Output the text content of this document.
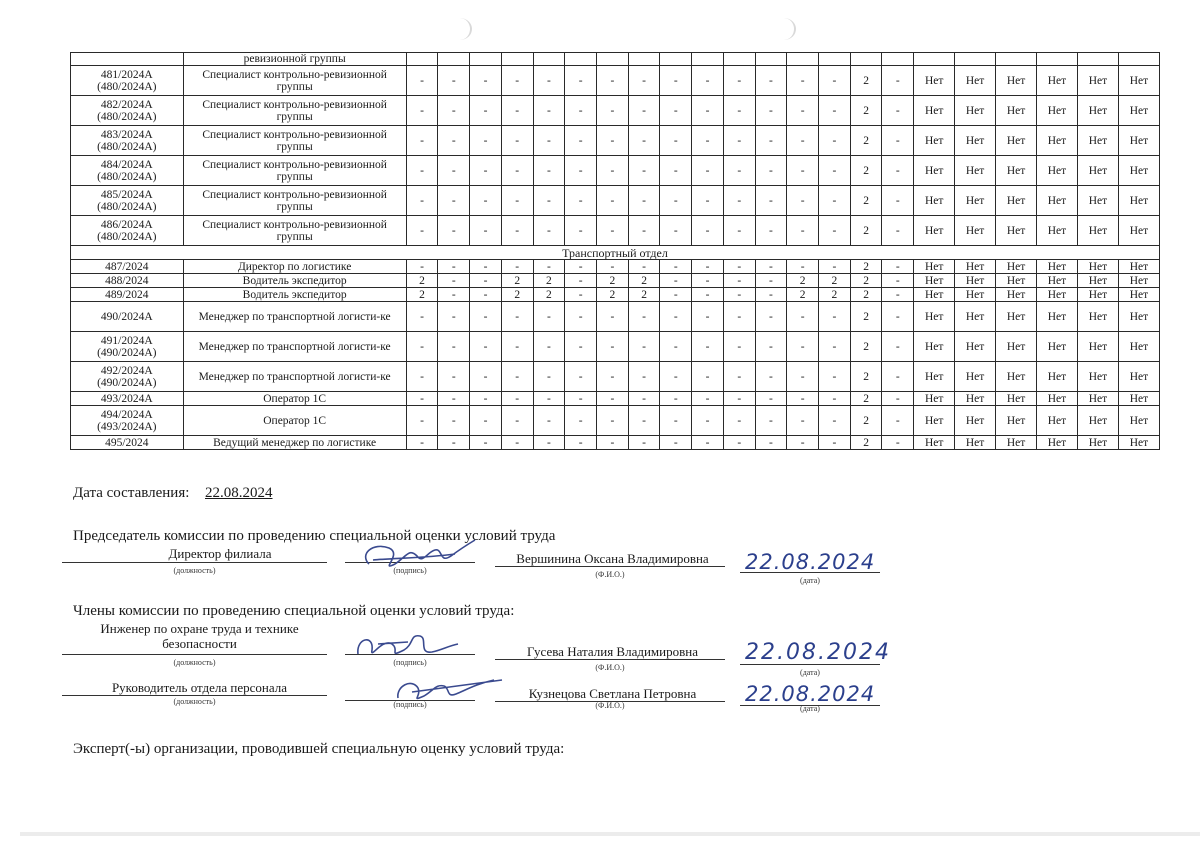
	ревизионной группы																						
481/2024А
(480/2024А)	Специалист контрольно-ревизионной группы	-	-	-	-	-	-	-	-	-	-	-	-	-	-	2	-	Нет	Нет	Нет	Нет	Нет	Нет
482/2024А
(480/2024А)	Специалист контрольно-ревизионной группы	-	-	-	-	-	-	-	-	-	-	-	-	-	-	2	-	Нет	Нет	Нет	Нет	Нет	Нет
483/2024А
(480/2024А)	Специалист контрольно-ревизионной группы	-	-	-	-	-	-	-	-	-	-	-	-	-	-	2	-	Нет	Нет	Нет	Нет	Нет	Нет
484/2024А
(480/2024А)	Специалист контрольно-ревизионной группы	-	-	-	-	-	-	-	-	-	-	-	-	-	-	2	-	Нет	Нет	Нет	Нет	Нет	Нет
485/2024А
(480/2024А)	Специалист контрольно-ревизионной группы	-	-	-	-	-	-	-	-	-	-	-	-	-	-	2	-	Нет	Нет	Нет	Нет	Нет	Нет
486/2024А
(480/2024А)	Специалист контрольно-ревизионной группы	-	-	-	-	-	-	-	-	-	-	-	-	-	-	2	-	Нет	Нет	Нет	Нет	Нет	Нет
Транспортный отдел																							
487/2024	Директор по логистике	-	-	-	-	-	-	-	-	-	-	-	-	-	-	2	-	Нет	Нет	Нет	Нет	Нет	Нет
488/2024	Водитель экспедитор	2	-	-	2	2	-	2	2	-	-	-	-	2	2	2	-	Нет	Нет	Нет	Нет	Нет	Нет
489/2024	Водитель экспедитор	2	-	-	2	2	-	2	2	-	-	-	-	2	2	2	-	Нет	Нет	Нет	Нет	Нет	Нет
490/2024А	Менеджер по транспортной логисти-ке	-	-	-	-	-	-	-	-	-	-	-	-	-	-	2	-	Нет	Нет	Нет	Нет	Нет	Нет
491/2024А
(490/2024А)	Менеджер по транспортной логисти-ке	-	-	-	-	-	-	-	-	-	-	-	-	-	-	2	-	Нет	Нет	Нет	Нет	Нет	Нет
492/2024А
(490/2024А)	Менеджер по транспортной логисти-ке	-	-	-	-	-	-	-	-	-	-	-	-	-	-	2	-	Нет	Нет	Нет	Нет	Нет	Нет
493/2024А	Оператор 1С	-	-	-	-	-	-	-	-	-	-	-	-	-	-	2	-	Нет	Нет	Нет	Нет	Нет	Нет
494/2024А
(493/2024А)	Оператор 1С	-	-	-	-	-	-	-	-	-	-	-	-	-	-	2	-	Нет	Нет	Нет	Нет	Нет	Нет
495/2024	Ведущий менеджер по логистике	-	-	-	-	-	-	-	-	-	-	-	-	-	-	2	-	Нет	Нет	Нет	Нет	Нет	Нет
Дата составления: 22.08.2024
Председатель комиссии по проведению специальной оценки условий труда
Директор филиала
(должность)	(подпись)
Вершинина Оксана Владимировна
(Ф.И.О.)
22.08.2024
(дата)
Члены комиссии по проведению специальной оценки условий труда:
Инженер по охране труда и технике безопасности
(должность)	(подпись)
Гусева Наталия Владимировна
(Ф.И.О.)
22.08.2024
(дата)
Руководитель отдела персонала
(должность)	(подпись)
Кузнецова Светлана Петровна
(Ф.И.О.)	22.08.2024
(дата)
Эксперт(-ы) организации, проводившей специальную оценку условий труда:
